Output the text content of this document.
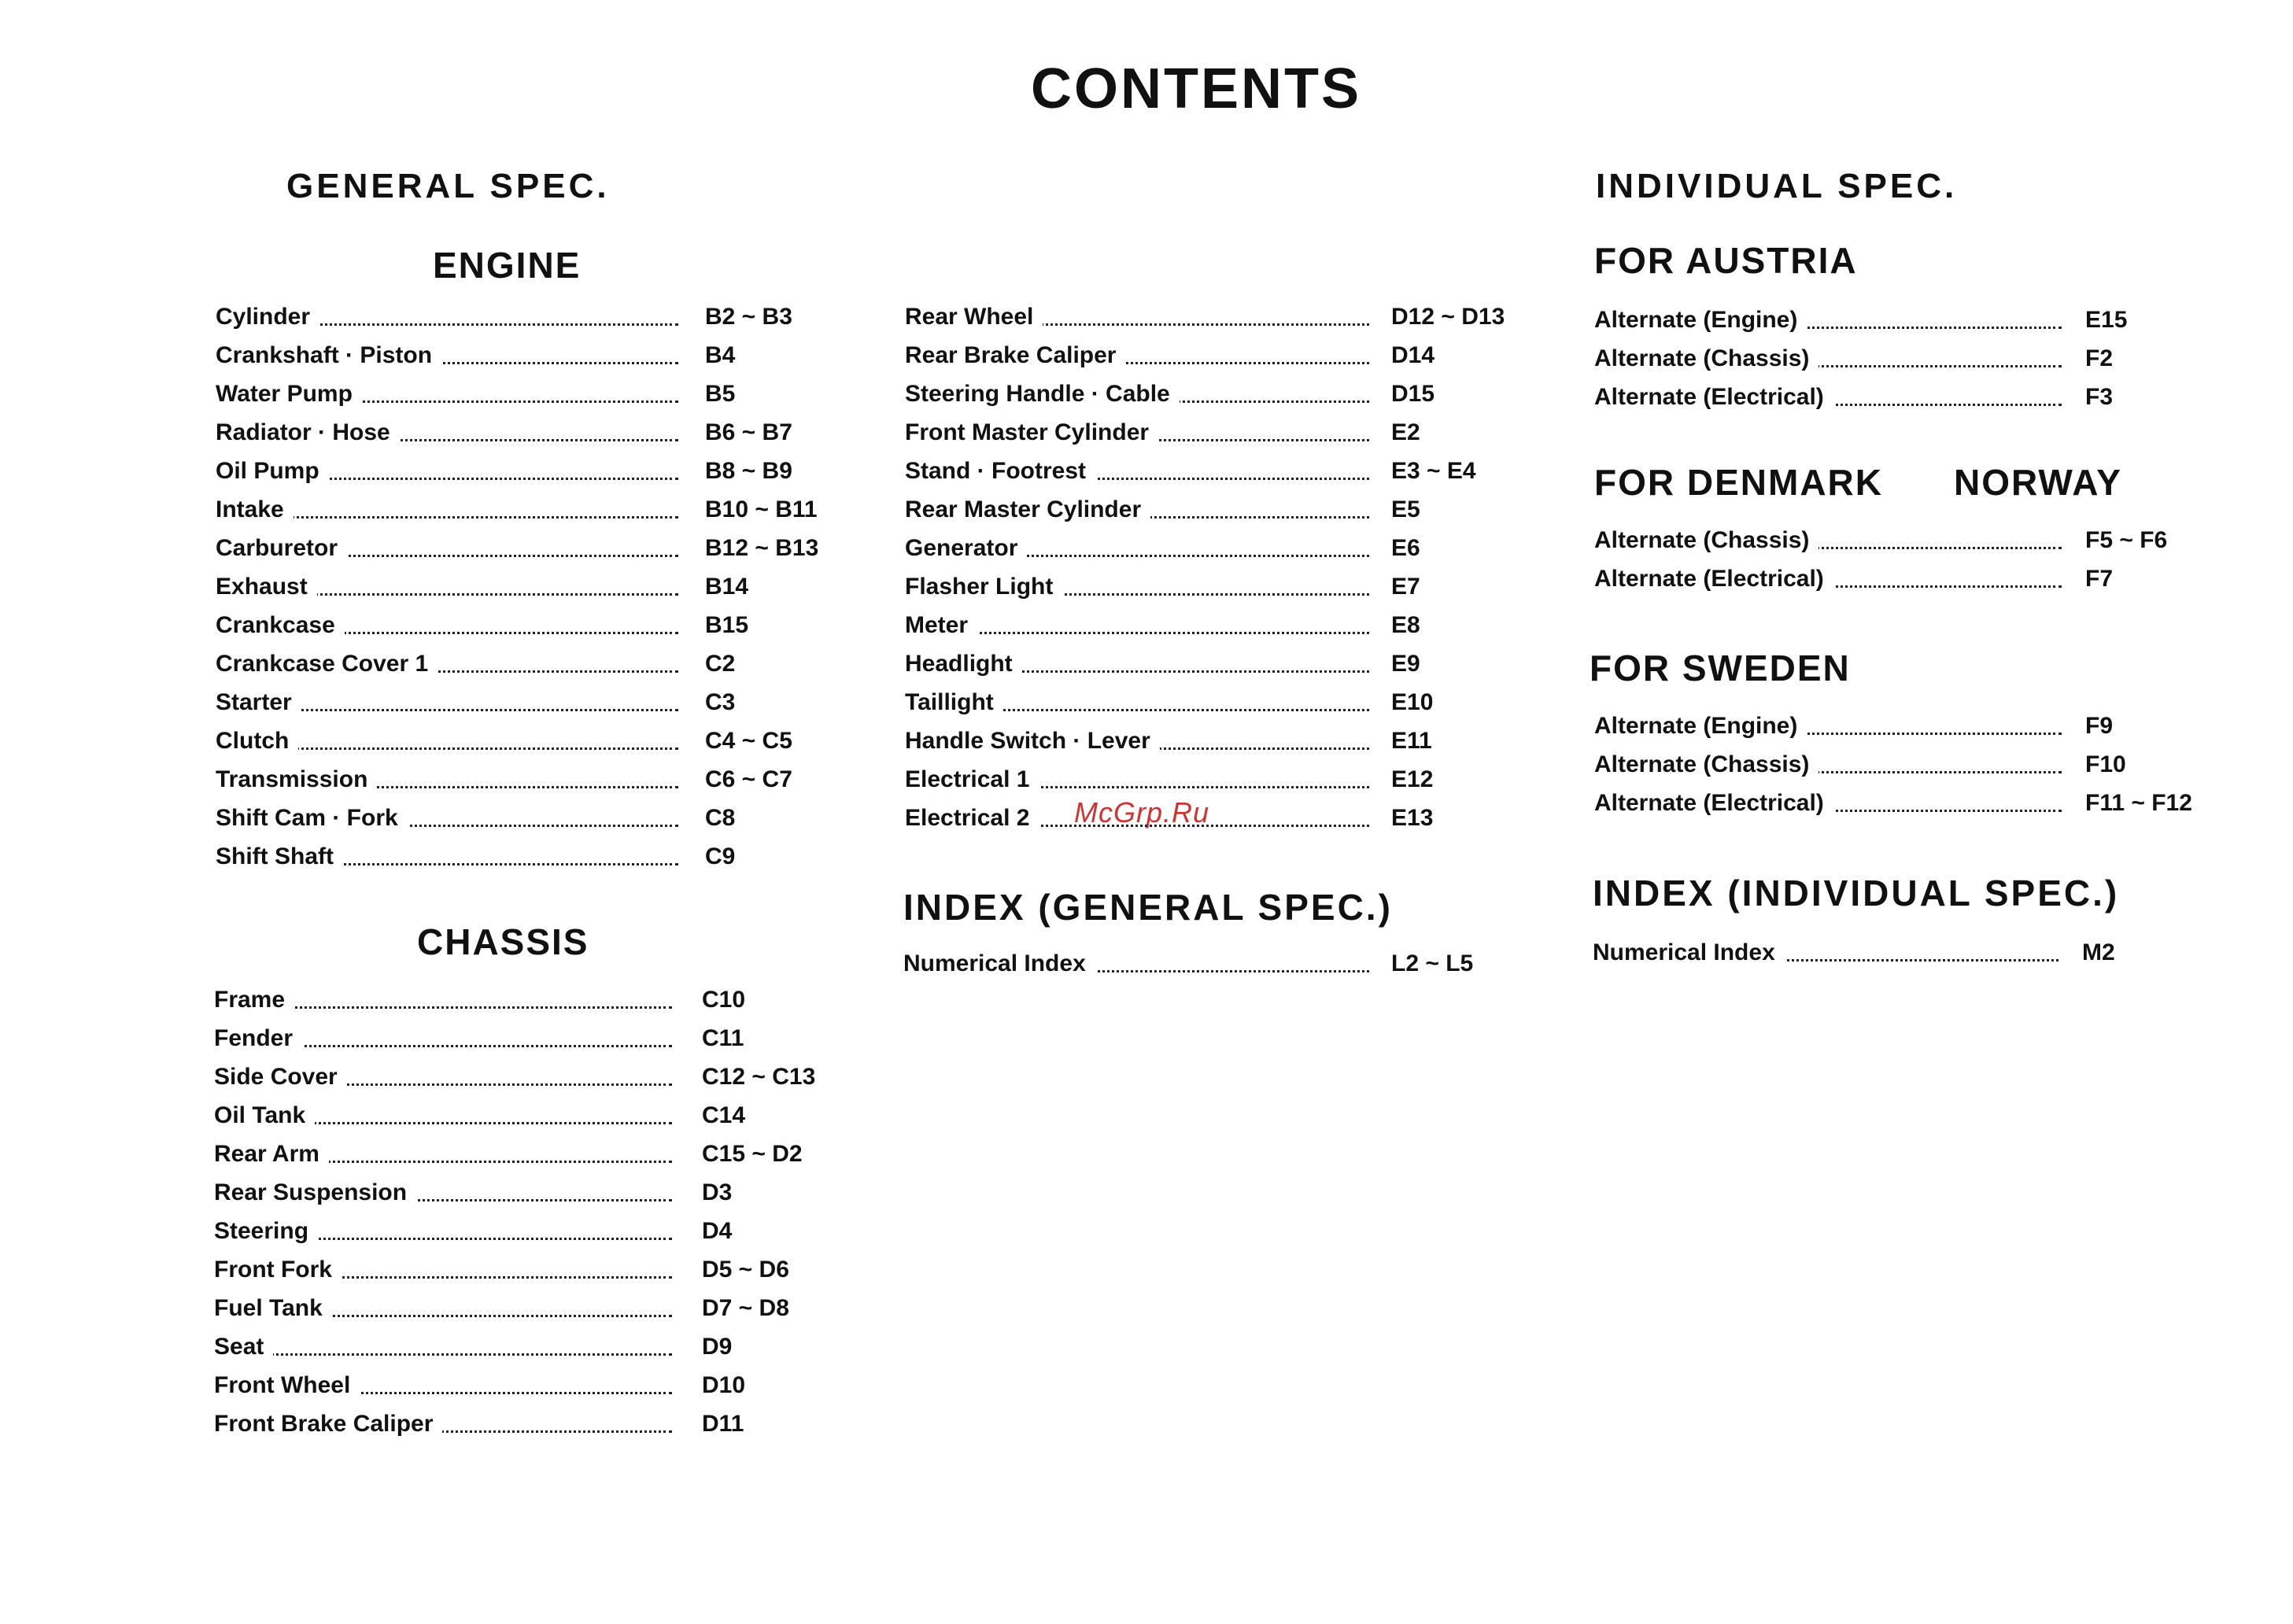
CONTENTS
GENERAL SPEC.
ENGINE
Cylinder	B2 ~ B3
Crankshaft · Piston	B4
Water Pump	B5
Radiator · Hose	B6 ~ B7
Oil Pump	B8 ~ B9
Intake	B10 ~ B11
Carburetor	B12 ~ B13
Exhaust	B14
Crankcase	B15
Crankcase Cover 1	C2
Starter	C3
Clutch	C4 ~ C5
Transmission	C6 ~ C7
Shift Cam · Fork	C8
Shift Shaft	C9
CHASSIS
Frame	C10
Fender	C11
Side Cover	C12 ~ C13
Oil Tank	C14
Rear Arm	C15 ~ D2
Rear Suspension	D3
Steering	D4
Front Fork	D5 ~ D6
Fuel Tank	D7 ~ D8
Seat	D9
Front Wheel	D10
Front Brake Caliper	D11
Rear Wheel	D12 ~ D13
Rear Brake Caliper	D14
Steering Handle · Cable	D15
Front Master Cylinder	E2
Stand · Footrest	E3 ~ E4
Rear Master Cylinder	E5
Generator	E6
Flasher Light	E7
Meter	E8
Headlight	E9
Taillight	E10
Handle Switch · Lever	E11
Electrical 1	E12
Electrical 2	E13
INDEX (GENERAL SPEC.)
Numerical Index	L2 ~ L5
McGrp.Ru
INDIVIDUAL SPEC.
FOR AUSTRIA
Alternate (Engine)	E15
Alternate (Chassis)	F2
Alternate (Electrical)	F3
FOR DENMARK NORWAY
Alternate (Chassis)	F5 ~ F6
Alternate (Electrical)	F7
FOR SWEDEN
Alternate (Engine)	F9
Alternate (Chassis)	F10
Alternate (Electrical)	F11 ~ F12
INDEX (INDIVIDUAL SPEC.)
Numerical Index	M2
